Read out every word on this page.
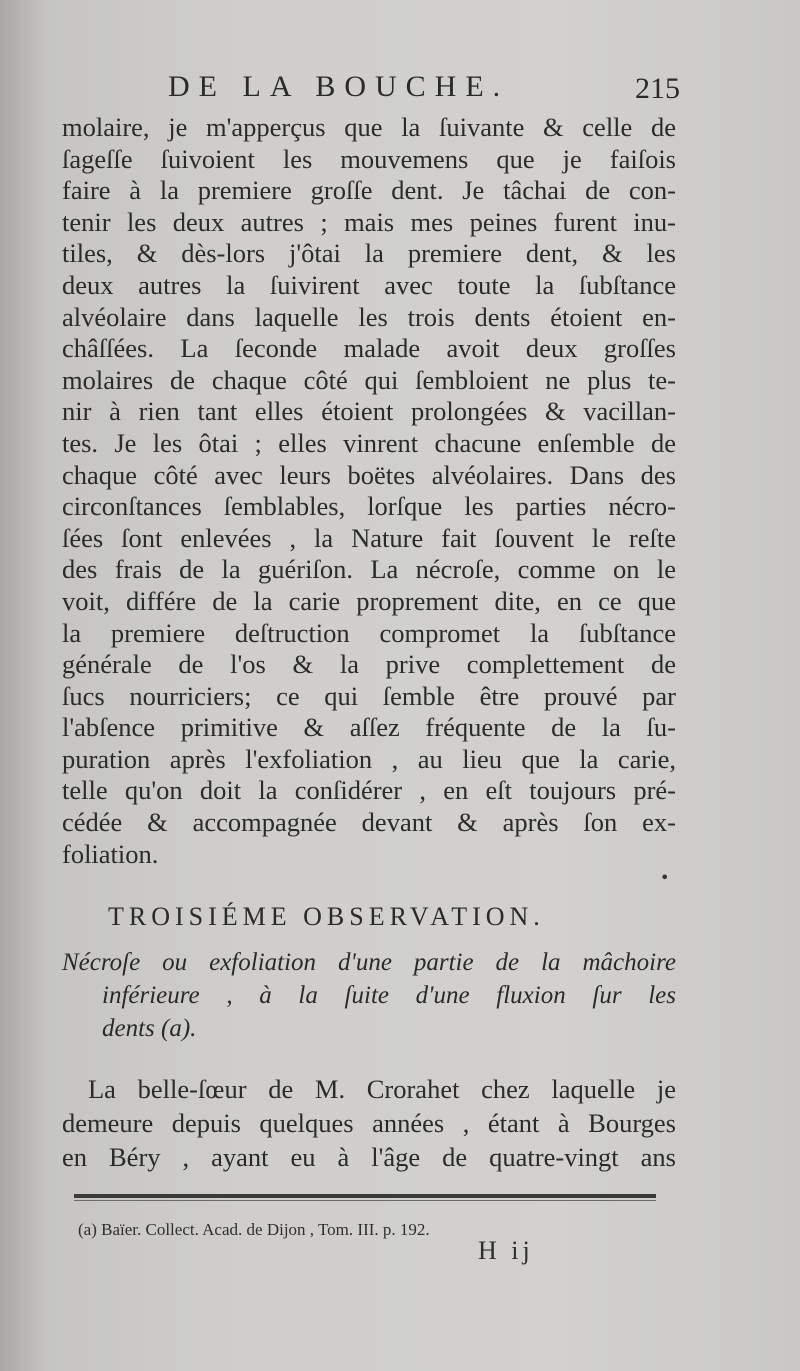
DE LA BOUCHE.	215
molaire, je m'apperçus que la ſuivante & celle de
ſageſſe ſuivoient les mouvemens que je faiſois
faire à la premiere groſſe dent. Je tâchai de con-
tenir les deux autres ; mais mes peines furent inu-
tiles, & dès-lors j'ôtai la premiere dent, & les
deux autres la ſuivirent avec toute la ſubſtance
alvéolaire dans laquelle les trois dents étoient en-
châſſées. La ſeconde malade avoit deux groſſes
molaires de chaque côté qui ſembloient ne plus te-
nir à rien tant elles étoient prolongées & vacillan-
tes. Je les ôtai ; elles vinrent chacune enſemble de
chaque côté avec leurs boëtes alvéolaires. Dans des
circonſtances ſemblables, lorſque les parties nécro-
ſées ſont enlevées , la Nature fait ſouvent le reſte
des frais de la guériſon. La nécroſe, comme on le
voit, différe de la carie proprement dite, en ce que
la premiere deſtruction compromet la ſubſtance
générale de l'os & la prive complettement de
ſucs nourriciers; ce qui ſemble être prouvé par
l'abſence primitive & aſſez fréquente de la ſu-
puration après l'exfoliation , au lieu que la carie,
telle qu'on doit la conſidérer , en eſt toujours pré-
cédée & accompagnée devant & après ſon ex-
foliation.
•
TROISIÉME OBSERVATION.
Nécroſe ou exfoliation d'une partie de la mâchoire
inférieure , à la ſuite d'une fluxion ſur les
dents (a).
La belle-ſœur de M. Crorahet chez laquelle je
demeure depuis quelques années , étant à Bourges
en Béry , ayant eu à l'âge de quatre-vingt ans
(a) Baïer. Collect. Acad. de Dijon , Tom. III. p. 192.
H ij
